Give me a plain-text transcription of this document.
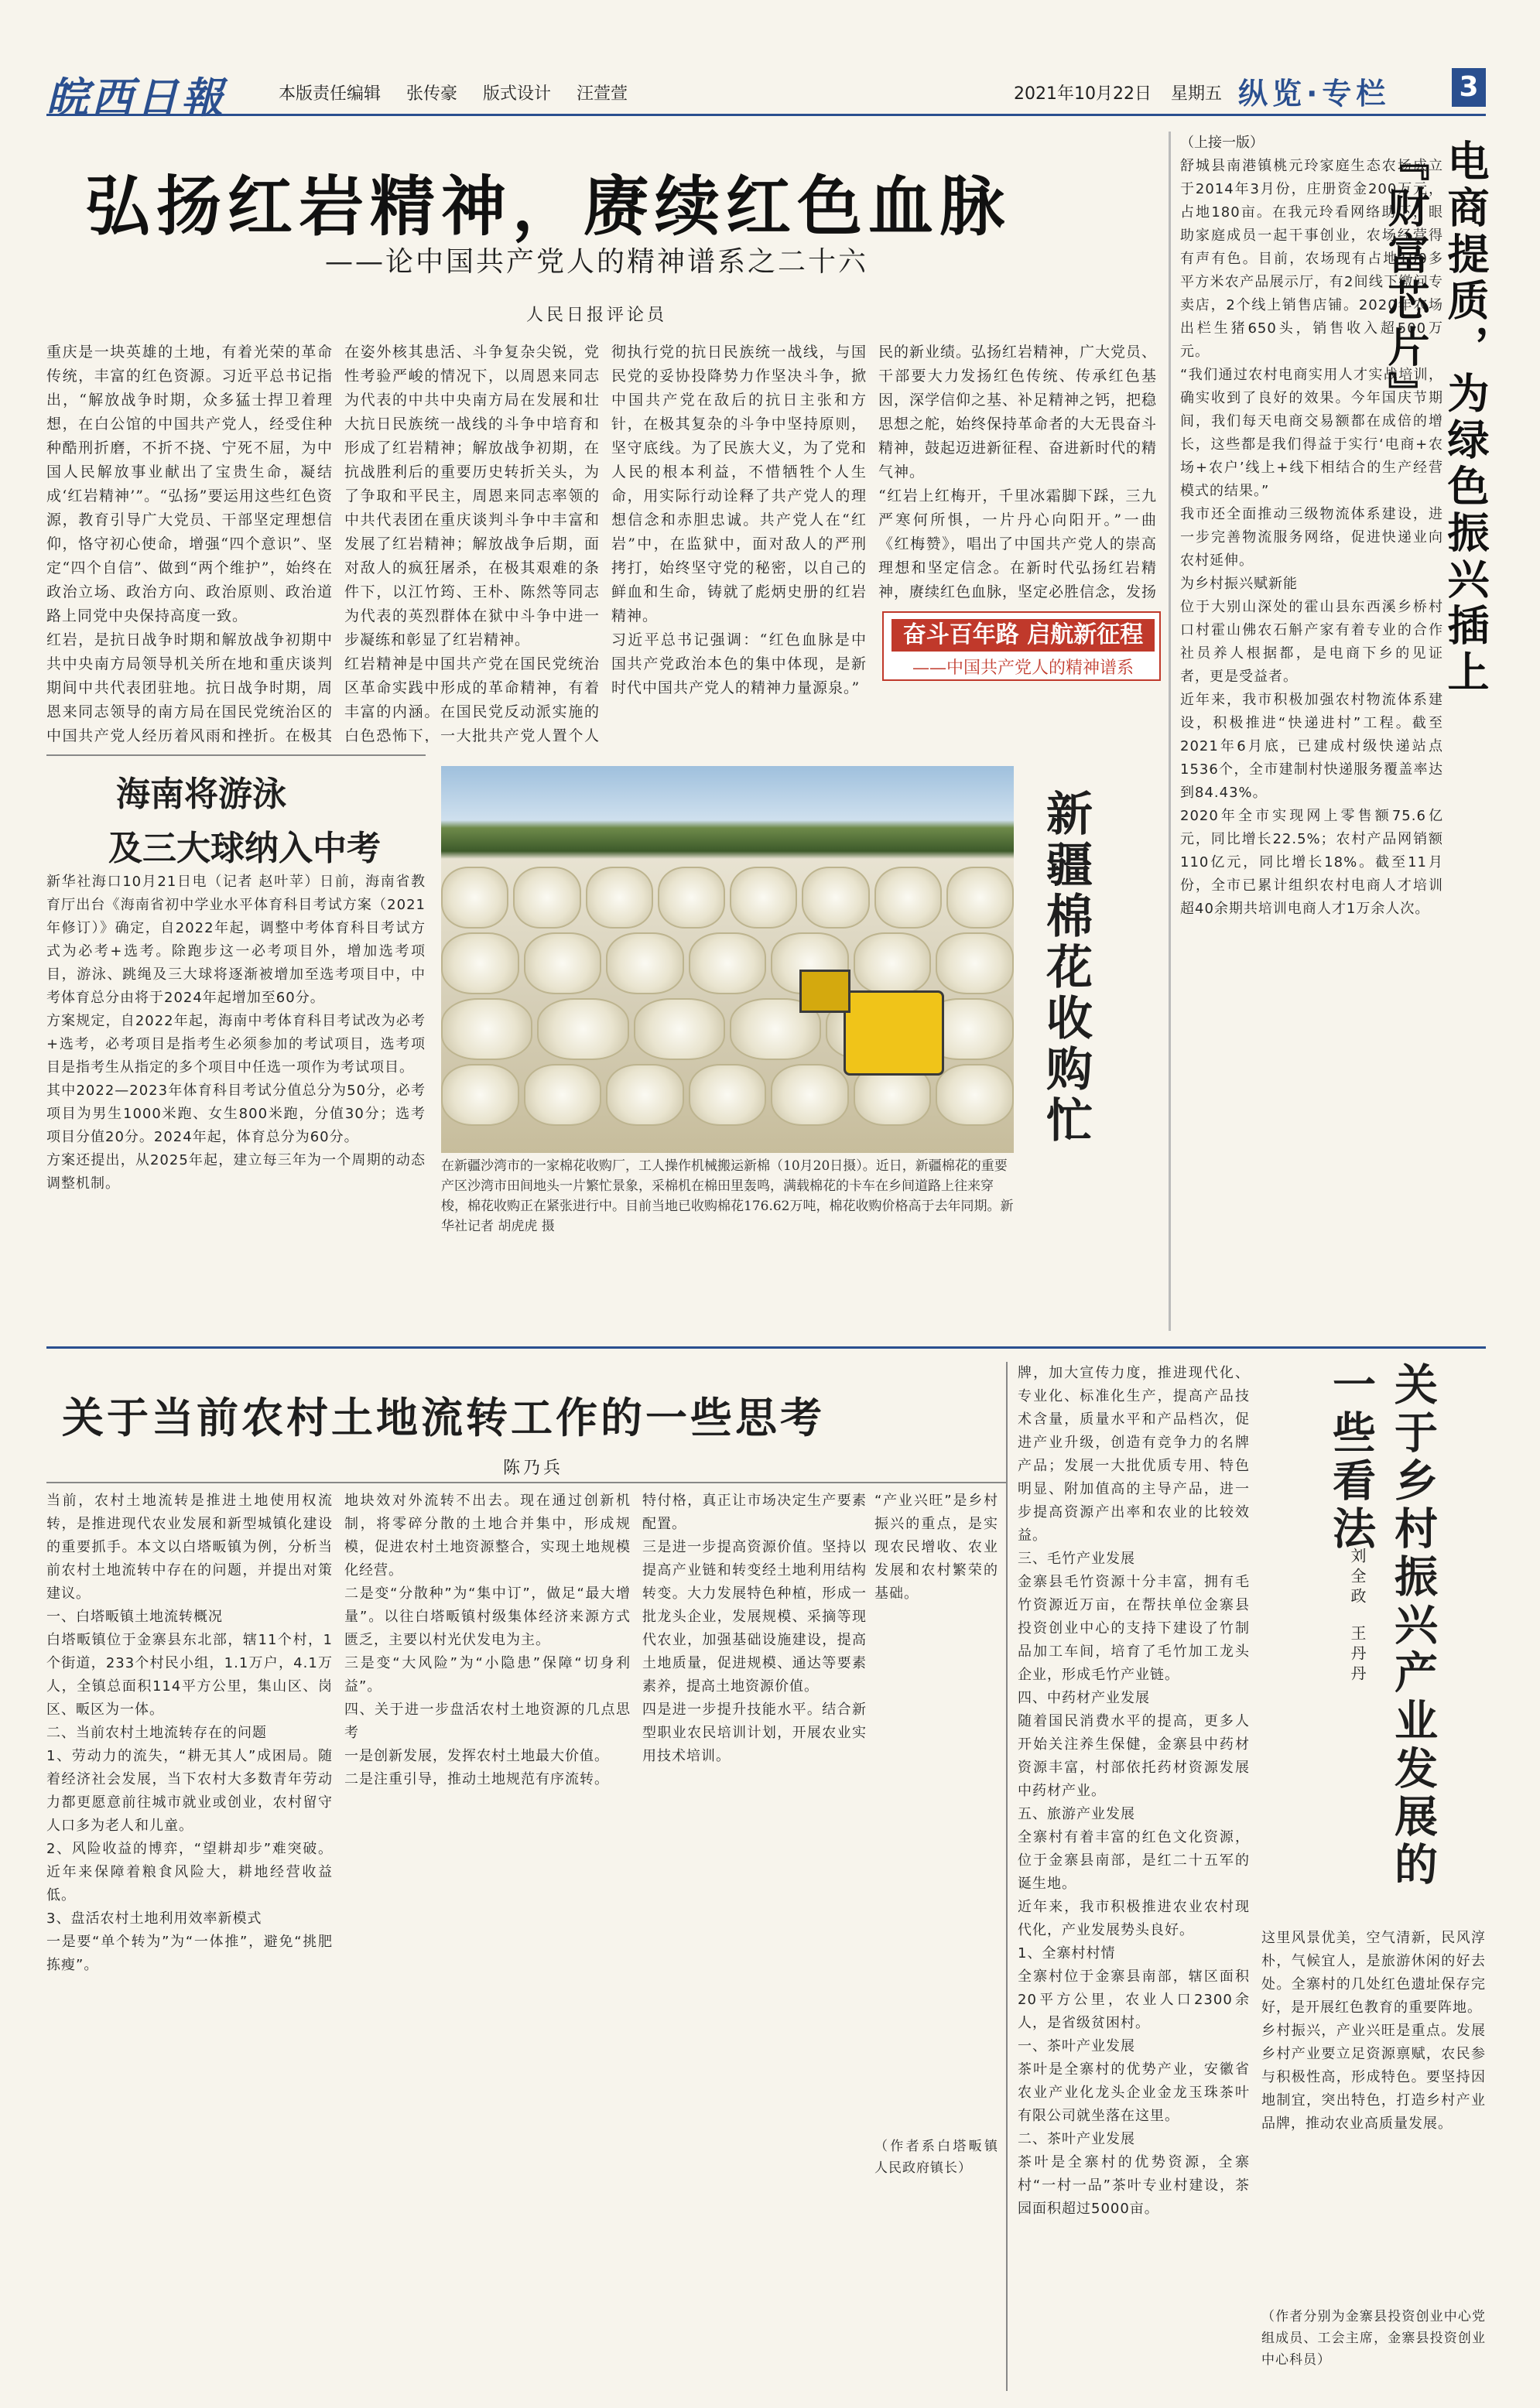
皖西日報	本版责任编辑 张传豪 版式设计 汪萱萱	2021年10月22日 星期五 纵览·专栏 3
弘扬红岩精神，赓续红色血脉
——论中国共产党人的精神谱系之二十六
人民日报评论员
重庆是一块英雄的土地，有着光荣的革命传统，丰富的红色资源。习近平总书记指出，“解放战争时期，众多猛士捍卫着理想，在白公馆的中国共产党人，经受住种种酷刑折磨，不折不挠、宁死不屈，为中国人民解放事业献出了宝贵生命，凝结成‘红岩精神’”。“弘扬”要运用这些红色资源，教育引导广大党员、干部坚定理想信仰，恪守初心使命，增强“四个意识”、坚定“四个自信”、做到“两个维护”，始终在政治立场、政治方向、政治原则、政治道路上同党中央保持高度一致。
红岩，是抗日战争时期和解放战争初期中共中央南方局领导机关所在地和重庆谈判期间中共代表团驻地。抗日战争时期，周恩来同志领导的南方局在国民党统治区的中国共产党人经历着风雨和挫折。在极其
在姿外核其患活、斗争复杂尖锐，党性考验严峻的情况下，以周恩来同志为代表的中共中央南方局在发展和壮大抗日民族统一战线的斗争中培育和形成了红岩精神；解放战争初期，在抗战胜利后的重要历史转折关头，为了争取和平民主，周恩来同志率领的中共代表团在重庆谈判斗争中丰富和发展了红岩精神；解放战争后期，面对敌人的疯狂屠杀，在极其艰难的条件下，以江竹筠、王朴、陈然等同志为代表的英烈群体在狱中斗争中进一步凝练和彰显了红岩精神。
红岩精神是中国共产党在国民党统治区革命实践中形成的革命精神，有着丰富的内涵。在国民党反动派实施的白色恐怖下，一大批共产党人置个人
彻执行党的抗日民族统一战线，与国民党的妥协投降势力作坚决斗争，掀中国共产党在敌后的抗日主张和方针，在极其复杂的斗争中坚持原则，坚守底线。为了民族大义，为了党和人民的根本利益，不惜牺牲个人生命，用实际行动诠释了共产党人的理想信念和赤胆忠诚。共产党人在“红岩”中，在监狱中，面对敌人的严刑拷打，始终坚守党的秘密，以自己的鲜血和生命，铸就了彪炳史册的红岩精神。
习近平总书记强调：“红色血脉是中国共产党政治本色的集中体现，是新时代中国共产党人的精神力量源泉。”
民的新业绩。弘扬红岩精神，广大党员、干部要大力发扬红色传统、传承红色基因，深学信仰之基、补足精神之钙，把稳思想之舵，始终保持革命者的大无畏奋斗精神，鼓起迈进新征程、奋进新时代的精气神。
“红岩上红梅开，千里冰霜脚下踩，三九严寒何所惧，一片丹心向阳开。”一曲《红梅赞》，唱出了中国共产党人的崇高理想和坚定信念。在新时代弘扬红岩精神，赓续红色血脉，坚定必胜信念，发扬
奋斗百年路 启航新征程
——中国共产党人的精神谱系
（上接一版）
舒城县南港镇桃元玲家庭生态农场成立于2014年3月份，庄册资金200万元，占地180亩。在我元玲看网络助下，眼助家庭成员一起干事创业，农场经营得有声有色。目前，农场现有占地180多平方米农产品展示厅，有2间线下缴问专卖店，2个线上销售店铺。2020年农场出栏生猪650头，销售收入超500万元。
“我们通过农村电商实用人才实战培训，确实收到了良好的效果。今年国庆节期间，我们每天电商交易额都在成倍的增长，这些都是我们得益于实行‘电商+农场+农户’线上+线下相结合的生产经营模式的结果。”
我市还全面推动三级物流体系建设，进一步完善物流服务网络，促进快递业向农村延伸。
为乡村振兴赋新能
位于大别山深处的霍山县东西溪乡桥村口村霍山佛农石斛产家有着专业的合作社员养人根据都，是电商下乡的见证者，更是受益者。
近年来，我市积极加强农村物流体系建设，积极推进“快递进村”工程。截至2021年6月底，已建成村级快递站点1536个，全市建制村快递服务覆盖率达到84.43%。
2020年全市实现网上零售额75.6亿元，同比增长22.5%；农村产品网销额110亿元，同比增长18%。截至11月份，全市已累计组织农村电商人才培训超40余期共培训电商人才1万余人次。
电商提质，为绿色振兴插上『财富芯片』
海南将游泳
及三大球纳入中考
新华社海口10月21日电（记者 赵叶苹）日前，海南省教育厅出台《海南省初中学业水平体育科目考试方案（2021年修订）》确定，自2022年起，调整中考体育科目考试方式为必考+选考。除跑步这一必考项目外，增加选考项目，游泳、跳绳及三大球将逐渐被增加至选考项目中，中考体育总分由将于2024年起增加至60分。
方案规定，自2022年起，海南中考体育科目考试改为必考+选考，必考项目是指考生必须参加的考试项目，选考项目是指考生从指定的多个项目中任选一项作为考试项目。
其中2022—2023年体育科目考试分值总分为50分，必考项目为男生1000米跑、女生800米跑，分值30分；选考项目分值20分。2024年起，体育总分为60分。
方案还提出，从2025年起，建立每三年为一个周期的动态调整机制。
在新疆沙湾市的一家棉花收购厂，工人操作机械搬运新棉（10月20日摄）。近日，新疆棉花的重要产区沙湾市田间地头一片繁忙景象，采棉机在棉田里轰鸣，满载棉花的卡车在乡间道路上往来穿梭，棉花收购正在紧张进行中。目前当地已收购棉花176.62万吨，棉花收购价格高于去年同期。新华社记者 胡虎虎 摄
新疆棉花收购忙
关于当前农村土地流转工作的一些思考
陈乃兵
当前，农村土地流转是推进土地使用权流转，是推进现代农业发展和新型城镇化建设的重要抓手。本文以白塔畈镇为例，分析当前农村土地流转中存在的问题，并提出对策建议。
一、白塔畈镇土地流转概况
白塔畈镇位于金寨县东北部，辖11个村，1个街道，233个村民小组，1.1万户，4.1万人，全镇总面积114平方公里，集山区、岗区、畈区为一体。
二、当前农村土地流转存在的问题
1、劳动力的流失，“耕无其人”成困局。随着经济社会发展，当下农村大多数青年劳动力都更愿意前往城市就业或创业，农村留守人口多为老人和儿童。
2、风险收益的博弈，“望耕却步”难突破。近年来保障着粮食风险大，耕地经营收益低。
3、盘活农村土地利用效率新模式
一是要“单个转为”为“一体推”，避免“挑肥拣瘦”。
地块效对外流转不出去。现在通过创新机制，将零碎分散的土地合并集中，形成规模，促进农村土地资源整合，实现土地规模化经营。
二是变“分散种”为“集中订”，做足“最大增量”。以往白塔畈镇村级集体经济来源方式匮乏，主要以村光伏发电为主。
三是变“大风险”为“小隐患”保障“切身利益”。
四、关于进一步盘活农村土地资源的几点思考
一是创新发展，发挥农村土地最大价值。
二是注重引导，推动土地规范有序流转。
特付格，真正让市场决定生产要素配置。
三是进一步提高资源价值。坚持以提高产业链和转变经土地利用结构转变。大力发展特色种植，形成一批龙头企业，发展规模、采摘等现代农业，加强基础设施建设，提高土地质量，促进规模、通达等要素素养，提高土地资源价值。
四是进一步提升技能水平。结合新型职业农民培训计划，开展农业实用技术培训。
“产业兴旺”是乡村振兴的重点，是实现农民增收、农业发展和农村繁荣的基础。
（作者系白塔畈镇人民政府镇长）
牌，加大宣传力度，推进现代化、专业化、标准化生产，提高产品技术含量，质量水平和产品档次，促进产业升级，创造有竞争力的名牌产品；发展一大批优质专用、特色明显、附加值高的主导产品，进一步提高资源产出率和农业的比较效益。
三、毛竹产业发展
金寨县毛竹资源十分丰富，拥有毛竹资源近万亩，在帮扶单位金寨县投资创业中心的支持下建设了竹制品加工车间，培育了毛竹加工龙头企业，形成毛竹产业链。
四、中药材产业发展
随着国民消费水平的提高，更多人开始关注养生保健，金寨县中药材资源丰富，村部依托药材资源发展中药材产业。
五、旅游产业发展
全寨村有着丰富的红色文化资源，位于金寨县南部，是红二十五军的诞生地。
近年来，我市积极推进农业农村现代化，产业发展势头良好。
1、全寨村村情
全寨村位于金寨县南部，辖区面积20平方公里，农业人口2300余人，是省级贫困村。
一、茶叶产业发展
茶叶是全寨村的优势产业，安徽省农业产业化龙头企业金龙玉珠茶叶有限公司就坐落在这里。
二、茶叶产业发展
茶叶是全寨村的优势资源，全寨村“一村一品”茶叶专业村建设，茶园面积超过5000亩。
关于乡村振兴产业发展的一些看法
刘全政
王丹丹
这里风景优美，空气清新，民风淳朴，气候宜人，是旅游休闲的好去处。全寨村的几处红色遗址保存完好，是开展红色教育的重要阵地。
乡村振兴，产业兴旺是重点。发展乡村产业要立足资源禀赋，农民参与积极性高，形成特色。要坚持因地制宜，突出特色，打造乡村产业品牌，推动农业高质量发展。
（作者分别为金寨县投资创业中心党组成员、工会主席，金寨县投资创业中心科员）
